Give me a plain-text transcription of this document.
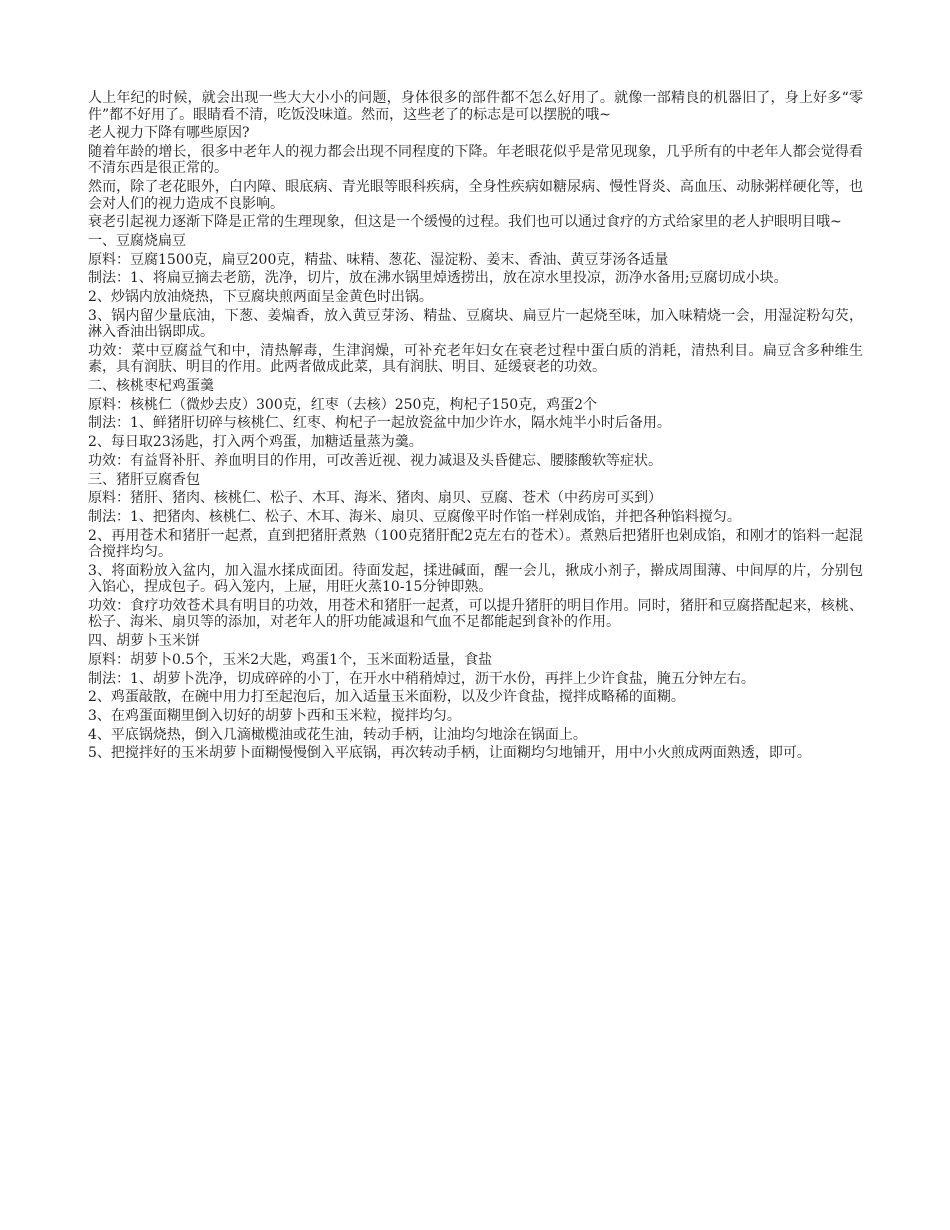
人上年纪的时候，就会出现一些大大小小的问题，身体很多的部件都不怎么好用了。就像一部精良的机器旧了，身上好多“零件”都不好用了。眼睛看不清，吃饭没味道。然而，这些老了的标志是可以摆脱的哦~

老人视力下降有哪些原因?

随着年龄的增长，很多中老年人的视力都会出现不同程度的下降。年老眼花似乎是常见现象，几乎所有的中老年人都会觉得看不清东西是很正常的。

然而，除了老花眼外，白内障、眼底病、青光眼等眼科疾病，全身性疾病如糖尿病、慢性肾炎、高血压、动脉粥样硬化等，也会对人们的视力造成不良影响。

衰老引起视力逐渐下降是正常的生理现象，但这是一个缓慢的过程。我们也可以通过食疗的方式给家里的老人护眼明目哦~

一、豆腐烧扁豆

原料：豆腐1500克，扁豆200克，精盐、味精、葱花、湿淀粉、姜末、香油、黄豆芽汤各适量

制法：1、将扁豆摘去老筋，洗净，切片，放在沸水锅里焯透捞出，放在凉水里投凉，沥净水备用;豆腐切成小块。

2、炒锅内放油烧热，下豆腐块煎两面呈金黄色时出锅。

3、锅内留少量底油，下葱、姜煸香，放入黄豆芽汤、精盐、豆腐块、扁豆片一起烧至味，加入味精烧一会，用湿淀粉勾芡，淋入香油出锅即成。

功效：菜中豆腐益气和中，清热解毒，生津润燥，可补充老年妇女在衰老过程中蛋白质的消耗，清热利目。扁豆含多种维生素，具有润肤、明目的作用。此两者做成此菜，具有润肤、明目、延缓衰老的功效。

二、核桃枣杞鸡蛋羹

原料：核桃仁（微炒去皮）300克，红枣（去核）250克，枸杞子150克，鸡蛋2个

制法：1、鲜猪肝切碎与核桃仁、红枣、枸杞子一起放瓷盆中加少许水，隔水炖半小时后备用。

2、每日取23汤匙，打入两个鸡蛋，加糖适量蒸为羹。

功效：有益肾补肝、养血明目的作用，可改善近视、视力减退及头昏健忘、腰膝酸软等症状。

三、猪肝豆腐香包

原料：猪肝、猪肉、核桃仁、松子、木耳、海米、猪肉、扇贝、豆腐、苍术（中药房可买到）

制法：1、把猪肉、核桃仁、松子、木耳、海米、扇贝、豆腐像平时作馅一样剁成馅，并把各种馅料搅匀。

2、再用苍术和猪肝一起煮，直到把猪肝煮熟（100克猪肝配2克左右的苍术）。煮熟后把猪肝也剁成馅，和刚才的馅料一起混合搅拌均匀。

3、将面粉放入盆内，加入温水揉成面团。待面发起，揉进碱面，醒一会儿，揪成小剂子，擀成周围薄、中间厚的片，分别包入馅心，捏成包子。码入笼内，上屉，用旺火蒸10-15分钟即熟。

功效：食疗功效苍术具有明目的功效，用苍术和猪肝一起煮，可以提升猪肝的明目作用。同时，猪肝和豆腐搭配起来，核桃、松子、海米、扇贝等的添加，对老年人的肝功能减退和气血不足都能起到食补的作用。

四、胡萝卜玉米饼

原料：胡萝卜0.5个，玉米2大匙，鸡蛋1个，玉米面粉适量，食盐

制法：1、胡萝卜洗净，切成碎碎的小丁，在开水中稍稍焯过，沥干水份，再拌上少许食盐，腌五分钟左右。

2、鸡蛋敲散，在碗中用力打至起泡后，加入适量玉米面粉，以及少许食盐，搅拌成略稀的面糊。

3、在鸡蛋面糊里倒入切好的胡萝卜西和玉米粒，搅拌均匀。

4、平底锅烧热，倒入几滴橄榄油或花生油，转动手柄，让油均匀地涂在锅面上。

5、把搅拌好的玉米胡萝卜面糊慢慢倒入平底锅，再次转动手柄，让面糊均匀地铺开，用中小火煎成两面熟透，即可。
